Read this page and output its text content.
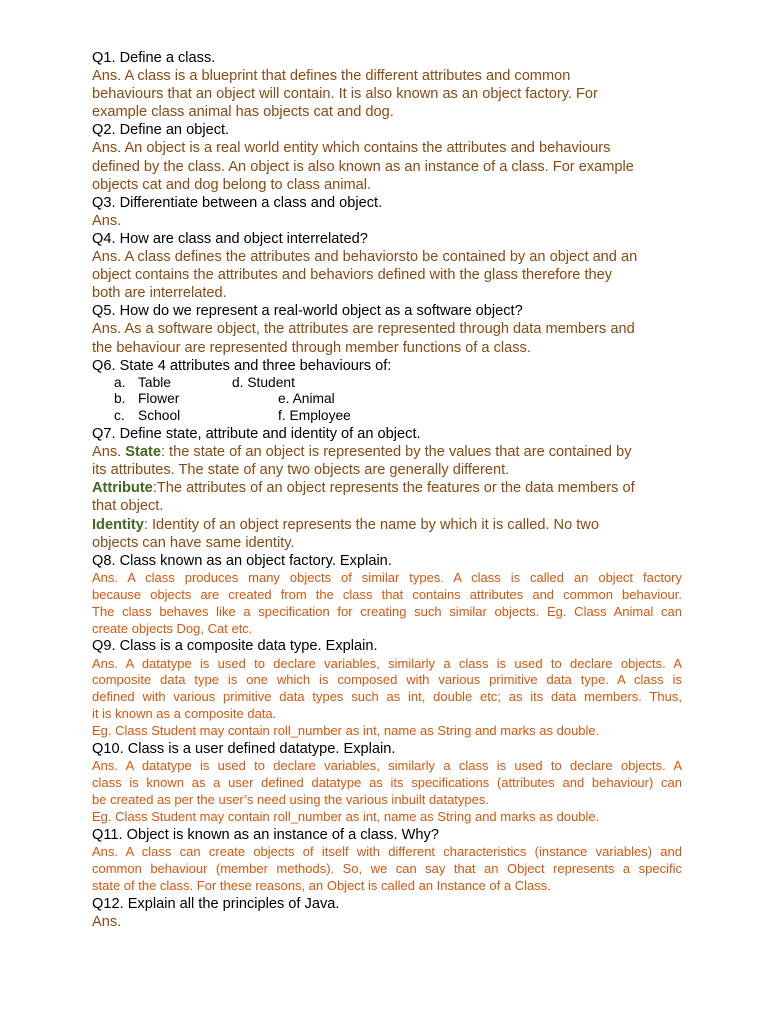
Q1. Define a class.
Ans. A class is a blueprint that defines the different attributes and common
behaviours that an object will contain. It is also known as an object factory. For
example class animal has objects cat and dog.
Q2. Define an object.
Ans. An object is a real world entity which contains the attributes and behaviours
defined by the class. An object is also known as an instance of a class. For example
objects cat and dog belong to class animal.
Q3. Differentiate between a class and object.
Ans.
Q4. How are class and object interrelated?
Ans. A class defines the attributes and behaviorsto be contained by an object and an
object contains the attributes and behaviors defined with the glass therefore they
both are interrelated.
Q5. How do we represent a real-world object as a software object?
Ans. As a software object, the attributes are represented through data members and
the behaviour are represented through member functions of a class.
Q6. State 4 attributes and three behaviours of:
a. Table	d. Student
b. Flower	e. Animal
c. School	f. Employee
Q7. Define state, attribute and identity of an object.
Ans. State: the state of an object is represented by the values that are contained by
its attributes. The state of any two objects are generally different.
Attribute:The attributes of an object represents the features or the data members of
that object.
Identity: Identity of an object represents the name by which it is called. No two
objects can have same identity.
Q8. Class known as an object factory. Explain.
Ans. A class produces many objects of similar types. A class is called an object factory
because objects are created from the class that contains attributes and common behaviour.
The class behaves like a specification for creating such similar objects. Eg. Class Animal can
create objects Dog, Cat etc.
Q9. Class is a composite data type. Explain.
Ans. A datatype is used to declare variables, similarly a class is used to declare objects. A
composite data type is one which is composed with various primitive data type. A class is
defined with various primitive data types such as int, double etc; as its data members. Thus,
it is known as a composite data.
Eg. Class Student may contain roll_number as int, name as String and marks as double.
Q10. Class is a user defined datatype. Explain.
Ans. A datatype is used to declare variables, similarly a class is used to declare objects. A
class is known as a user defined datatype as its specifications (attributes and behaviour) can
be created as per the user’s need using the various inbuilt datatypes.
Eg. Class Student may contain roll_number as int, name as String and marks as double.
Q11. Object is known as an instance of a class. Why?
Ans. A class can create objects of itself with different characteristics (instance variables) and
common behaviour (member methods). So, we can say that an Object represents a specific
state of the class. For these reasons, an Object is called an Instance of a Class.
Q12. Explain all the principles of Java.
Ans.
